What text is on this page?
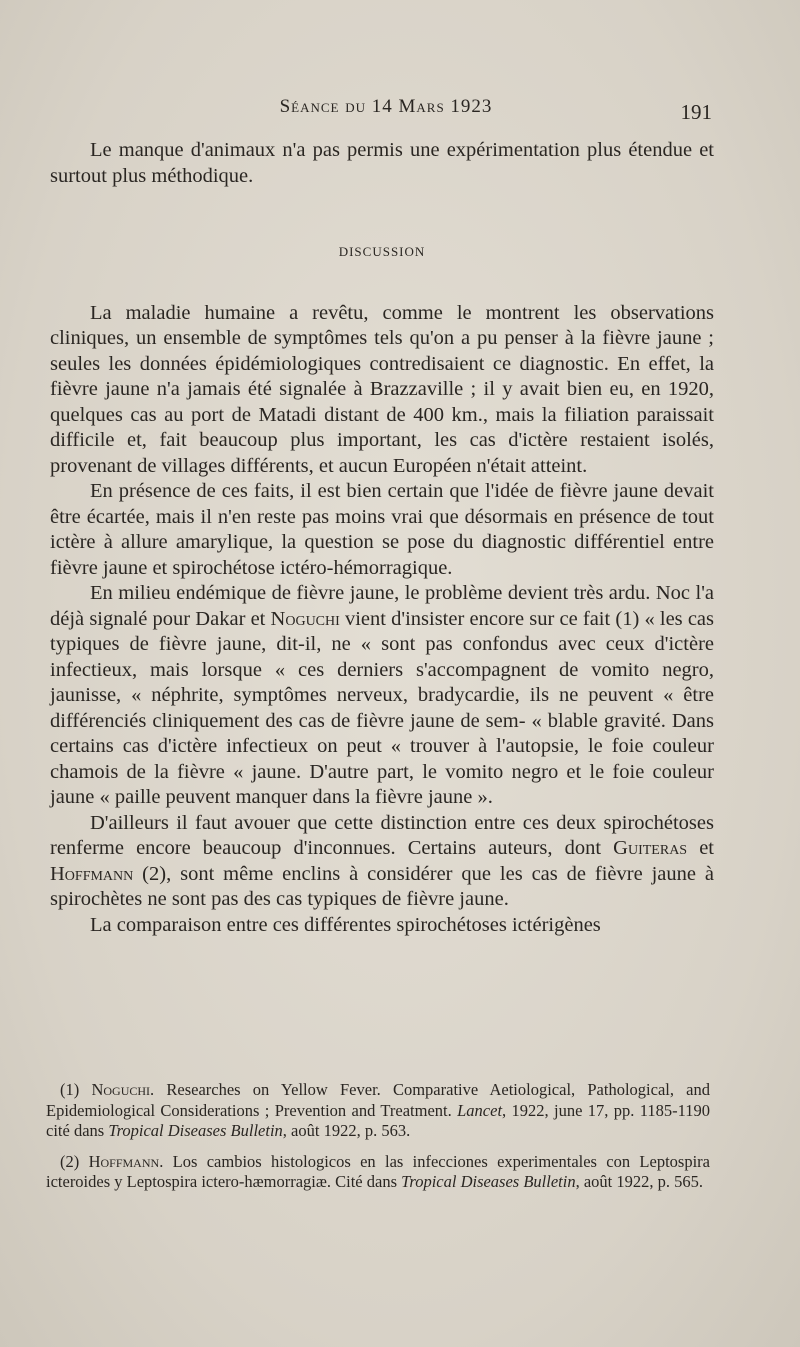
Séance du 14 Mars 1923	191

Le manque d'animaux n'a pas permis une expérimentation plus étendue et surtout plus méthodique.

DISCUSSION

La maladie humaine a revêtu, comme le montrent les observations cliniques, un ensemble de symptômes tels qu'on a pu penser à la fièvre jaune ; seules les données épidémiologiques contredisaient ce diagnostic. En effet, la fièvre jaune n'a jamais été signalée à Brazzaville ; il y avait bien eu, en 1920, quelques cas au port de Matadi distant de 400 km., mais la filiation paraissait difficile et, fait beaucoup plus important, les cas d'ictère restaient isolés, provenant de villages différents, et aucun Européen n'était atteint.

En présence de ces faits, il est bien certain que l'idée de fièvre jaune devait être écartée, mais il n'en reste pas moins vrai que désormais en présence de tout ictère à allure amarylique, la question se pose du diagnostic différentiel entre fièvre jaune et spirochétose ictéro-hémorragique.

En milieu endémique de fièvre jaune, le problème devient très ardu. Noc l'a déjà signalé pour Dakar et Noguchi vient d'insister encore sur ce fait (1) « les cas typiques de fièvre jaune, dit-il, ne « sont pas confondus avec ceux d'ictère infectieux, mais lorsque « ces derniers s'accompagnent de vomito negro, jaunisse, « néphrite, symptômes nerveux, bradycardie, ils ne peuvent « être différenciés cliniquement des cas de fièvre jaune de sem- « blable gravité. Dans certains cas d'ictère infectieux on peut « trouver à l'autopsie, le foie couleur chamois de la fièvre « jaune. D'autre part, le vomito negro et le foie couleur jaune « paille peuvent manquer dans la fièvre jaune ».

D'ailleurs il faut avouer que cette distinction entre ces deux spirochétoses renferme encore beaucoup d'inconnues. Certains auteurs, dont Guiteras et Hoffmann (2), sont même enclins à considérer que les cas de fièvre jaune à spirochètes ne sont pas des cas typiques de fièvre jaune.

La comparaison entre ces différentes spirochétoses ictérigènes

(1) Noguchi. Researches on Yellow Fever. Comparative Aetiological, Pathological, and Epidemiological Considerations ; Prevention and Treatment. Lancet, 1922, june 17, pp. 1185-1190 cité dans Tropical Diseases Bulletin, août 1922, p. 563.

(2) Hoffmann. Los cambios histologicos en las infecciones experimentales con Leptospira icteroides y Leptospira ictero-hæmorragiæ. Cité dans Tropical Diseases Bulletin, août 1922, p. 565.
